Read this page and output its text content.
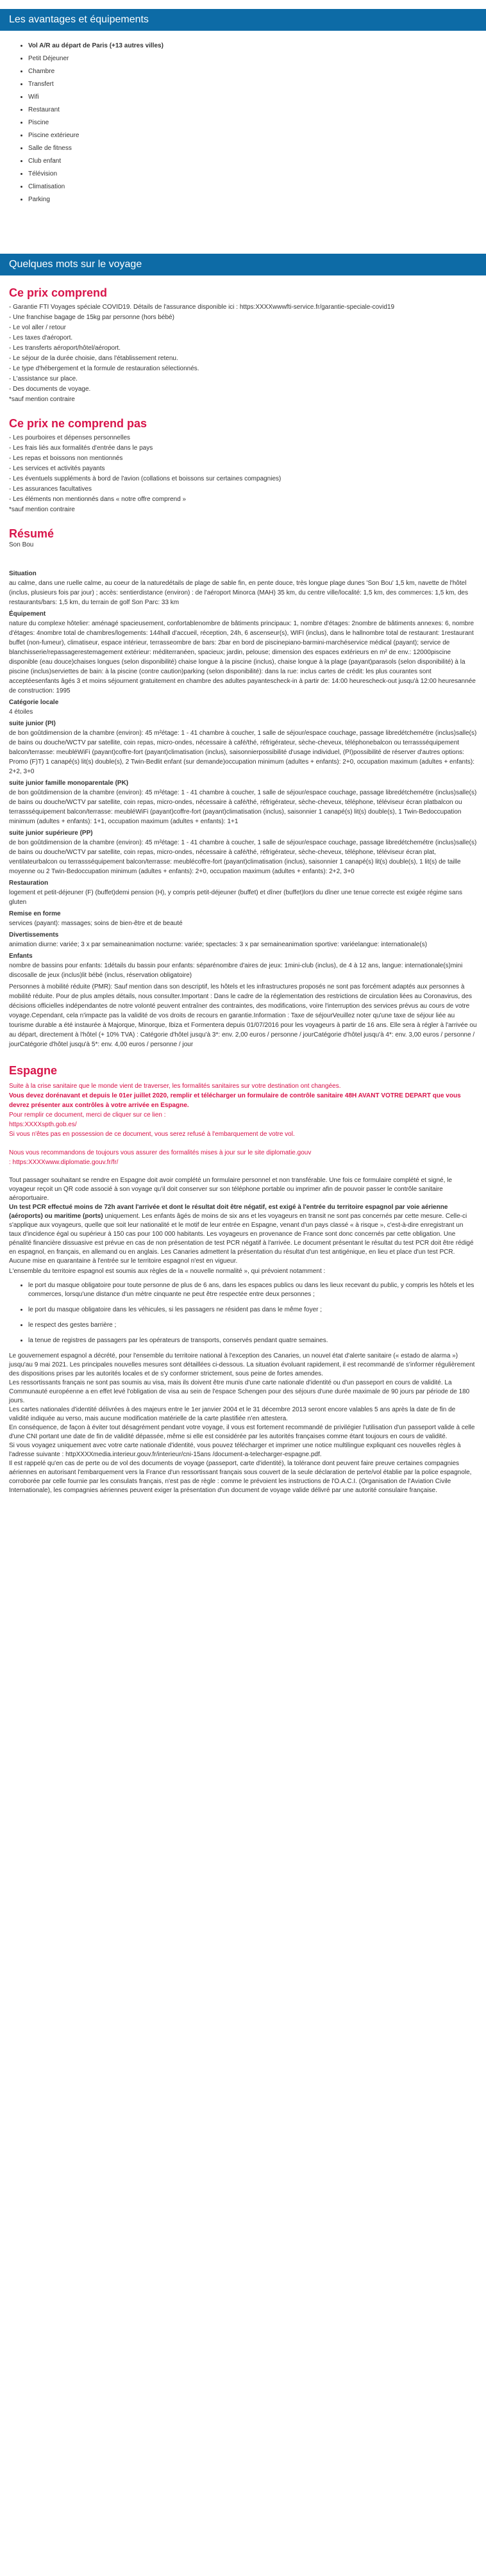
Les avantages et équipements
• Vol A/R au départ de Paris (+13 autres villes)
• Petit Déjeuner
• Chambre
• Transfert
• Wifi
• Restaurant
• Piscine
• Piscine extérieure
• Salle de fitness
• Club enfant
• Télévision
• Climatisation
• Parking
Quelques mots sur le voyage
Ce prix comprend
- Garantie FTI Voyages spéciale COVID19. Détails de l'assurance disponible ici : https:XXXXwwwfti-service.fr/garantie-speciale-covid19
- Une franchise bagage de 15kg par personne (hors bébé)
- Le vol aller / retour
- Les taxes d'aéroport.
- Les transferts aéroport/hôtel/aéroport.
- Le séjour de la durée choisie, dans l'établissement retenu.
- Le type d'hébergement et la formule de restauration sélectionnés.
- L'assistance sur place.
- Des documents de voyage.
*sauf mention contraire
Ce prix ne comprend pas
- Les pourboires et dépenses personnelles
- Les frais liés aux formalités d'entrée dans le pays
- Les repas et boissons non mentionnés
- Les services et activités payants
- Les éventuels suppléments à bord de l'avion (collations et boissons sur certaines compagnies)
- Les assurances facultatives
- Les éléments non mentionnés dans « notre offre comprend »
*sauf mention contraire
Résumé
Son Bou
Situation

au calme, dans une ruelle calme, au coeur de la naturedétails de plage de sable fin, en pente douce, très longue plage dunes 'Son Bou' 1,5 km, navette de l'hôtel (inclus, plusieurs fois par jour) ; accès: sentierdistance (environ) : de l'aéroport Minorca (MAH) 35 km, du centre ville/localité: 1,5 km, des commerces: 1,5 km, des restaurants/bars: 1,5 km, du terrain de golf Son Parc: 33 km

Équipement

nature du complexe hôtelier: aménagé spacieusement, confortablenombre de bâtiments principaux: 1, nombre d'étages: 2nombre de bâtiments annexes: 6, nombre d'étages: 4nombre total de chambres/logements: 144hall d'accueil, réception, 24h, 6 ascenseur(s), WIFI (inclus), dans le hallnombre total de restaurant: 1restaurant buffet (non-fumeur), climatiseur, espace intérieur, terrasseombre de bars: 2bar en bord de piscinepiano-barmini-marchéservice médical (payant); service de blanchisserie/repassagerestemagement extérieur: méditerranéen, spacieux; jardin, pelouse; dimension des espaces extérieurs en m² de env.: 12000piscine disponible (eau douce)chaises longues (selon disponibilité) chaise longue à la piscine (inclus), chaise longue à la plage (payant)parasols (selon disponibilité) à la piscine (inclus)serviettes de bain: à la piscine (contre caution)parking (selon disponibilité): dans la rue: inclus cartes de crédit: les plus courantes sont acceptéesenfants âgés 3 et moins séjournent gratuitement en chambre des adultes payantescheck-in à partir de: 14:00 heurescheck-out jusqu'à 12:00 heuresannée de construction: 1995

Catégorie locale

4 étoiles

suite junior (PI)

de bon goûtdimension de la chambre (environ): 45 m²étage: 1 - 41 chambre à coucher, 1 salle de séjour/espace couchage, passage libredétchemétre (inclus)salle(s) de bains ou douche/WCTV par satellite, coin repas, micro-ondes, nécessaire à café/thé, réfrigérateur, sèche-cheveux, téléphonebalcon ou terrassséquipement balcon/terrasse: meubléWiFi (payant)coffre-fort (payant)climatisation (inclus), saisonnierpossibilité d'usage individuel, (PI)possibilité de réserver d'autres options: Promo (F)T) 1 canapé(s) lit(s) double(s), 2 Twin-Bedlit enfant (sur demande)occupation minimum (adultes + enfants): 2+0, occupation maximum (adultes + enfants): 2+2, 3+0

suite junior famille monoparentale (PK)

de bon goûtdimension de la chambre (environ): 45 m²étage: 1 - 41 chambre à coucher, 1 salle de séjour/espace couchage, passage libredétchemétre (inclus)salle(s) de bains ou douche/WCTV par satellite, coin repas, micro-ondes, nécessaire à café/thé, réfrigérateur, sèche-cheveux, téléphone, téléviseur écran platbalcon ou terrassséquipement balcon/terrasse: meubléWiFi (payant)coffre-fort (payant)climatisation (inclus), saisonnier 1 canapé(s) lit(s) double(s), 1 Twin-Bedoccupation minimum (adultes + enfants): 1+1, occupation maximum (adultes + enfants): 1+1

suite junior supérieure (PP)

de bon goûtdimension de la chambre (environ): 45 m²étage: 1 - 41 chambre à coucher, 1 salle de séjour/espace couchage, passage libredétchemétre (inclus)salle(s) de bains ou douche/WCTV par satellite, coin repas, micro-ondes, nécessaire à café/thé, réfrigérateur, sèche-cheveux, téléphone, téléviseur écran plat, ventilateurbalcon ou terrassséquipement balcon/terrasse: meublécoffre-fort (payant)climatisation (inclus), saisonnier 1 canapé(s) lit(s) double(s), 1 lit(s) de taille moyenne ou 2 Twin-Bedoccupation minimum (adultes + enfants): 2+0, occupation maximum (adultes + enfants): 2+2, 3+0

Restauration

logement et petit-déjeuner (F) (buffet)demi pension (H), y compris petit-déjeuner (buffet) et dîner (buffet)lors du dîner une tenue correcte est exigée régime sans gluten

Remise en forme

services (payant): massages; soins de bien-être et de beauté

Divertissements

animation diurne: variée; 3 x par semaineanimation nocturne: variée; spectacles: 3 x par semaineanimation sportive: variéelangue: internationale(s)

Enfants

nombre de bassins pour enfants: 1détails du bassin pour enfants: séparénombre d'aires de jeux: 1mini-club (inclus), de 4 à 12 ans, langue: internationale(s)mini discosalle de jeux (inclus)lit bébé (inclus, réservation obligatoire)

Personnes à mobilité réduite (PMR): Sauf mention dans son descriptif, les hôtels et les infrastructures proposés ne sont pas forcément adaptés aux personnes à mobilité réduite. Pour de plus amples détails, nous consulter.Important : Dans le cadre de la réglementation des restrictions de circulation liées au Coronavirus, des décisions officielles indépendantes de notre volonté peuvent entraîner des contraintes, des modifications, voire l'interruption des services prévus au cours de votre voyage.Cependant, cela n'impacte pas la validité de vos droits de recours en garantie.Information : Taxe de séjourVeuillez noter qu'une taxe de séjour liée au tourisme durable a été instaurée à Majorque, Minorque, Ibiza et Formentera depuis 01/07/2016 pour les voyageurs à partir de 16 ans. Elle sera à régler à l'arrivée ou au départ, directement à l'hôtel (+ 10% TVA) : Catégorie d'hôtel jusqu'à 3*: env. 2,00 euros / personne / jourCatégorie d'hôtel jusqu'à 4*: env. 3,00 euros / personne / jourCatégorie d'hôtel jusqu'à 5*: env. 4,00 euros / personne / jour

Espagne
Suite à la crise sanitaire que le monde vient de traverser, les formalités sanitaires sur votre destination ont changées.
Vous devez dorénavant et depuis le 01er juillet 2020, remplir et télécharger un formulaire de contrôle sanitaire 48H AVANT VOTRE DEPART que vous devrez présenter aux contrôles à votre arrivée en Espagne.
Pour remplir ce document, merci de cliquer sur ce lien :
https:XXXXspth.gob.es/
Si vous n'êtes pas en possession de ce document, vous serez refusé à l'embarquement de votre vol.
Nous vous recommandons de toujours vous assurer des formalités mises à jour sur le site diplomatie.gouv
: https:XXXXwww.diplomatie.gouv.fr/fr/

Tout passager souhaitant se rendre en Espagne doit avoir complété un formulaire personnel et non transférable. Une fois ce formulaire complété et signé, le voyageur reçoit un QR code associé à son voyage qu'il doit conserver sur son téléphone portable ou imprimer afin de pouvoir passer le contrôle sanitaire aéroportuaire.

Un test PCR effectué moins de 72h avant l'arrivée et dont le résultat doit être négatif, est exigé à l'entrée du territoire espagnol par voie aérienne (aéroports) ou maritime (ports) uniquement. Les enfants âgés de moins de six ans et les voyageurs en transit ne sont pas concernés par cette mesure. Celle-ci s'applique aux voyageurs, quelle que soit leur nationalité et le motif de leur entrée en Espagne, venant d'un pays classé « à risque », c'est-à-dire enregistrant un taux d'incidence égal ou supérieur à 150 cas pour 100 000 habitants. Les voyageurs en provenance de France sont donc concernés par cette obligation. Une pénalité financière dissuasive est prévue en cas de non présentation de test PCR négatif à l'arrivée. Le document présentant le résultat du test PCR doit être rédigé en espagnol, en français, en allemand ou en anglais. Les Canaries admettent la présentation du résultat d'un test antigénique, en lieu et place d'un test PCR.

Aucune mise en quarantaine à l'entrée sur le territoire espagnol n'est en vigueur.

L'ensemble du territoire espagnol est soumis aux règles de la « nouvelle normalité », qui prévoient notamment :

• le port du masque obligatoire pour toute personne de plus de 6 ans, dans les espaces publics ou dans les lieux recevant du public, y compris les hôtels et les commerces, lorsqu'une distance d'un mètre cinquante ne peut être respectée entre deux personnes ;
• le port du masque obligatoire dans les véhicules, si les passagers ne résident pas dans le même foyer ;
• le respect des gestes barrière ;
• la tenue de registres de passagers par les opérateurs de transports, conservés pendant quatre semaines.

Le gouvernement espagnol a décrété, pour l'ensemble du territoire national à l'exception des Canaries, un nouvel état d'alerte sanitaire (« estado de alarma ») jusqu'au 9 mai 2021. Les principales nouvelles mesures sont détaillées ci-dessous. La situation évoluant rapidement, il est recommandé de s'informer régulièrement des dispositions prises par les autorités locales et de s'y conformer strictement, sous peine de fortes amendes.

Les ressortissants français ne sont pas soumis au visa, mais ils doivent être munis d'une carte nationale d'identité ou d'un passeport en cours de validité. La Communauté européenne a en effet levé l'obligation de visa au sein de l'espace Schengen pour des séjours d'une durée maximale de 90 jours par période de 180 jours.

Les cartes nationales d'identité délivrées à des majeurs entre le 1er janvier 2004 et le 31 décembre 2013 seront encore valables 5 ans après la date de fin de validité indiquée au verso, mais aucune modification matérielle de la carte plastifiée n'en attestera.

En conséquence, de façon à éviter tout désagrément pendant votre voyage, il vous est fortement recommandé de privilégier l'utilisation d'un passeport valide à celle d'une CNI portant une date de fin de validité dépassée, même si elle est considérée par les autorités françaises comme étant toujours en cours de validité.

Si vous voyagez uniquement avec votre carte nationale d'identité, vous pouvez télécharger et imprimer une notice multilingue expliquant ces nouvelles règles à l'adresse suivante : httpXXXXmedia.interieur.gouv.fr/interieur/cni-15ans /document-a-telecharger-espagne.pdf.

Il est rappelé qu'en cas de perte ou de vol des documents de voyage (passeport, carte d'identité), la tolérance dont peuvent faire preuve certaines compagnies aériennes en autorisant l'embarquement vers la France d'un ressortissant français sous couvert de la seule déclaration de perte/vol établie par la police espagnole, corroborée par celle fournie par les consulats français, n'est pas de règle : comme le prévoient les instructions de l'O.A.C.I. (Organisation de l'Aviation Civile Internationale), les compagnies aériennes peuvent exiger la présentation d'un document de voyage valide délivré par une autorité consulaire française.
